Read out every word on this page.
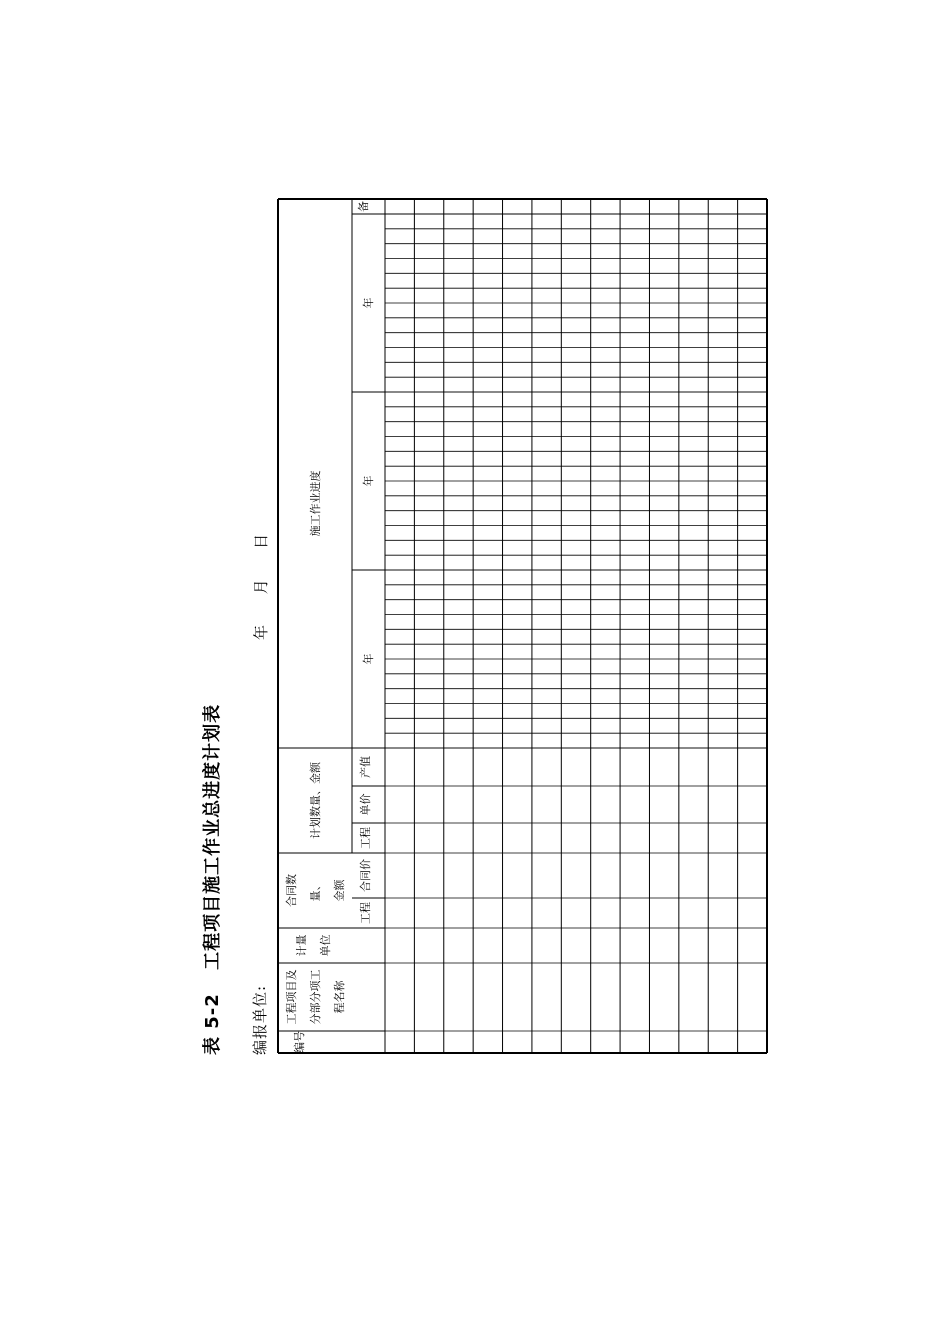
表 5-2 工程项目施工作业总进度计划表
编报单位:
年  月  日
编号
工程项目及 分部分项工 程名称
计量 单位
合同数 量、 金额
工程
合同价
计划数量、金额	工程
单价
产值
施工作业进度
年
年
年
备
